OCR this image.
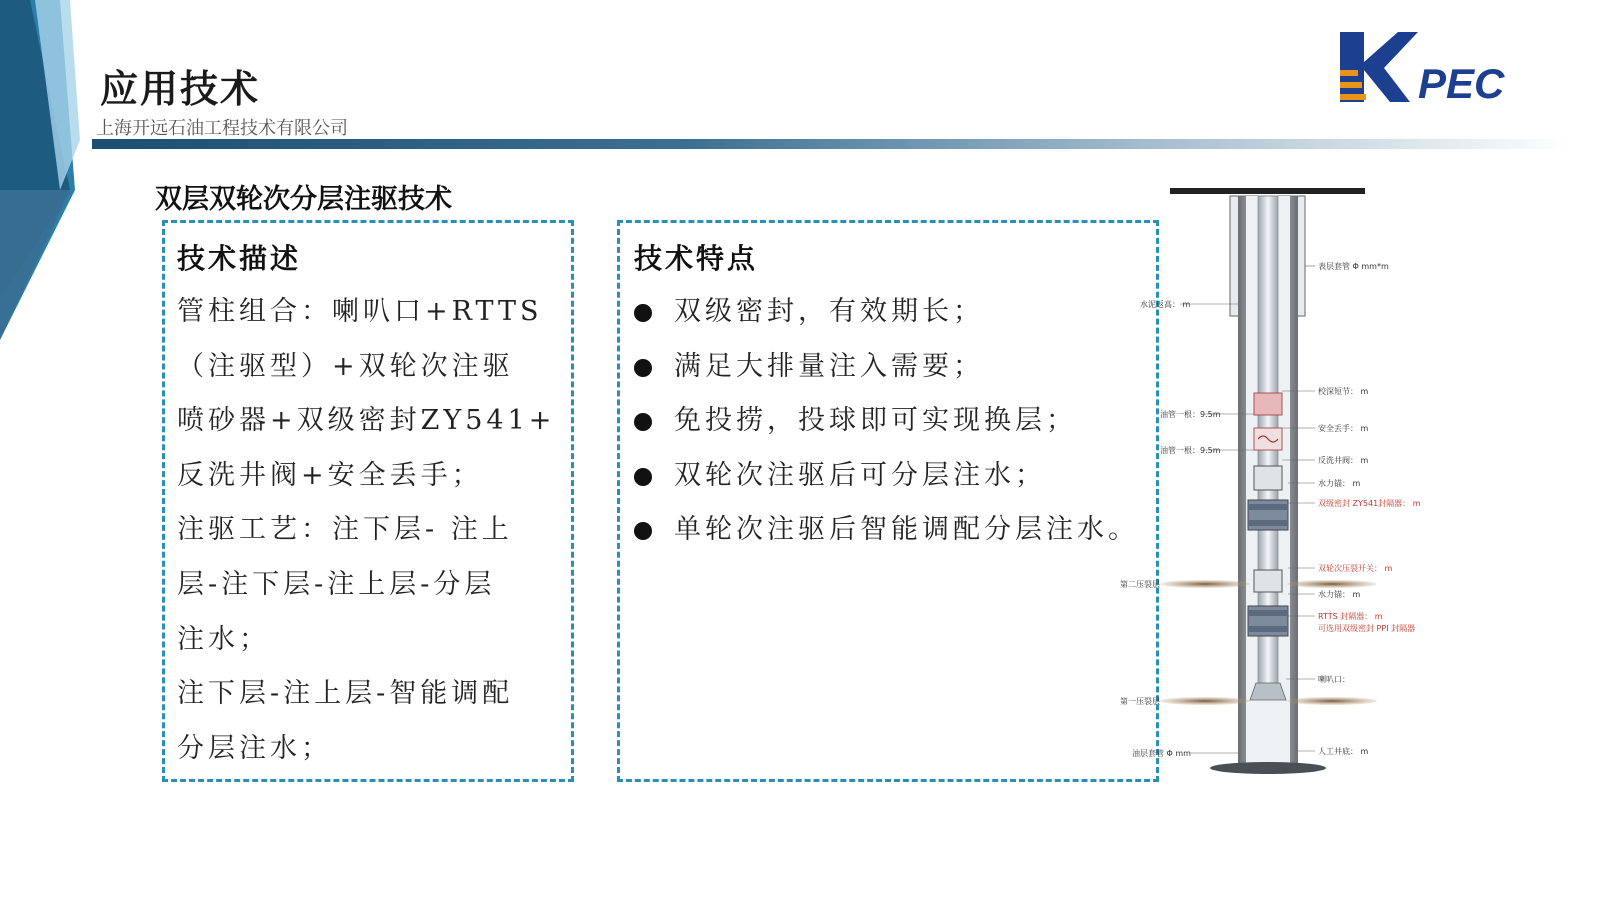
应用技术
上海开远石油工程技术有限公司
PEC
双层双轮次分层注驱技术
技术描述

管柱组合：喇叭口+RTTS

（注驱型）+双轮次注驱

喷砂器+双级密封ZY541+

反洗井阀+安全丢手；

注驱工艺：注下层- 注上

层-注下层-注上层-分层

注水；

注下层-注上层-智能调配

分层注水；

技术特点
双级密封，有效期长；
满足大排量注入需要；
免投捞，投球即可实现换层；
双轮次注驱后可分层注水；
单轮次注驱后智能调配分层注水。
水泥返高： m
油管一根：9.5m
油管一根：9.5m
第二压裂层
第一压裂层
油层套管 Φ mm
表层套管 Φ mm*m
校深短节： m
安全丢手： m
反洗井阀： m
水力锚： m
双级密封 ZY541封隔器： m
双轮次压裂开关： m
水力锚： m
RTTS 封隔器： m
可选用双级密封 PPI 封隔器
喇叭口：
人工井底： m
